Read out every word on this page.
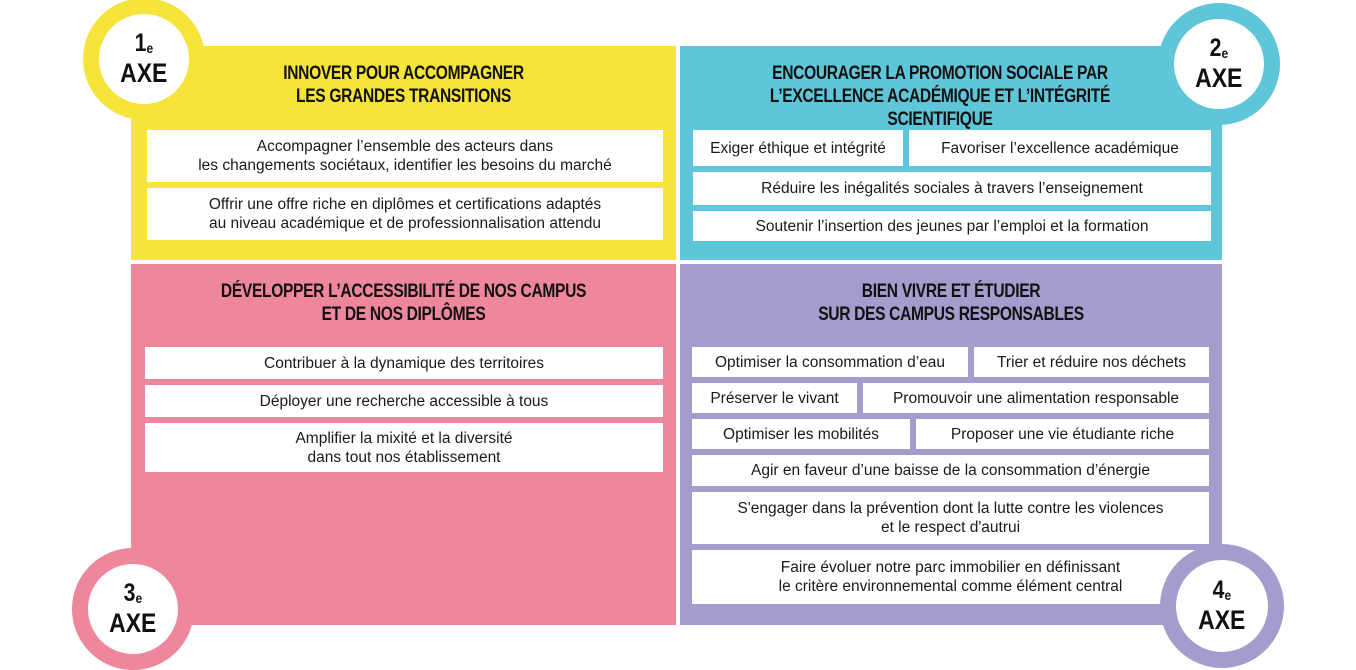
INNOVER POUR ACCOMPAGNER
LES GRANDES TRANSITIONS
Accompagner l’ensemble des acteurs dans
les changements sociétaux, identifier les besoins du marché
Offrir une offre riche en diplômes et certifications adaptés
au niveau académique et de professionnalisation attendu
ENCOURAGER LA PROMOTION SOCIALE PAR
L’EXCELLENCE ACADÉMIQUE ET L’INTÉGRITÉ SCIENTIFIQUE
Exiger éthique et intégrité	Favoriser l’excellence académique
Réduire les inégalités sociales à travers l’enseignement
Soutenir l’insertion des jeunes par l’emploi et la formation
DÉVELOPPER L’ACCESSIBILITÉ DE NOS CAMPUS
ET DE NOS DIPLÔMES
Contribuer à la dynamique des territoires
Déployer une recherche accessible à tous
Amplifier la mixité et la diversité
dans tout nos établissement
BIEN VIVRE ET ÉTUDIER
SUR DES CAMPUS RESPONSABLES
Optimiser la consommation d’eau	Trier et réduire nos déchets
Préserver le vivant	Promouvoir une alimentation responsable
Optimiser les mobilités	Proposer une vie étudiante riche
Agir en faveur d’une baisse de la consommation d’énergie
S'engager dans la prévention dont la lutte contre les violences
et le respect d'autrui
Faire évoluer notre parc immobilier en définissant
le critère environnemental comme élément central
1e
AXE
2e
AXE
3e
AXE
4e
AXE
